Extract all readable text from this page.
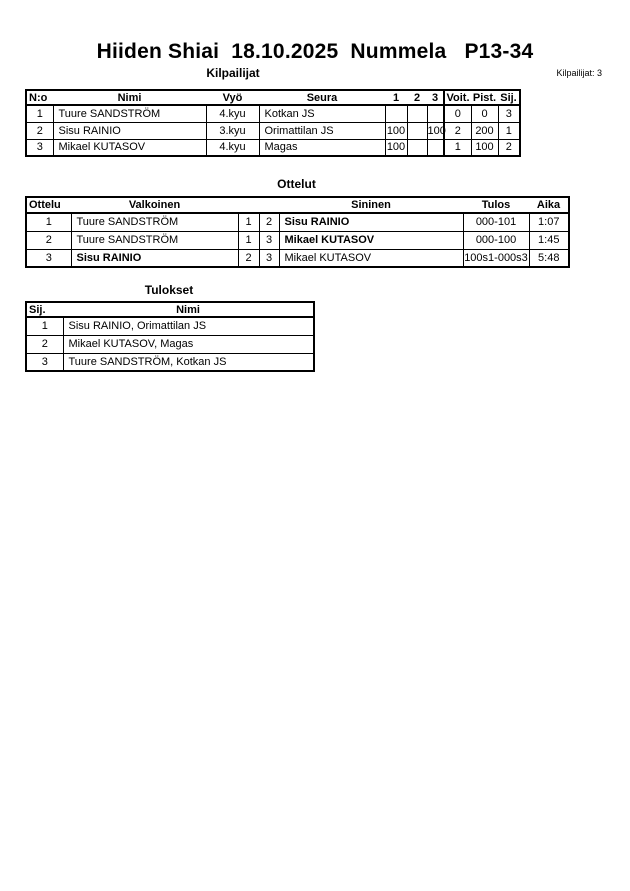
Hiiden Shiai  18.10.2025  Nummela   P13-34
Kilpailijat: 3
Kilpailijat
N:o	Nimi	Vyö	Seura	1	2	3	Voit.	Pist.	Sij.
1	Tuure SANDSTRÖM	4.kyu	Kotkan JS				0	0	3
2	Sisu RAINIO	3.kyu	Orimattilan JS	100		100	2	200	1
3	Mikael KUTASOV	4.kyu	Magas	100			1	100	2
Ottelut
Ottelu	Valkoinen			Sininen	Tulos	Aika
1	Tuure SANDSTRÖM	1	2	Sisu RAINIO	000-101	1:07
2	Tuure SANDSTRÖM	1	3	Mikael KUTASOV	000-100	1:45
3	Sisu RAINIO	2	3	Mikael KUTASOV	100s1-000s3	5:48
Tulokset
Sij.	Nimi
1	Sisu RAINIO, Orimattilan JS
2	Mikael KUTASOV, Magas
3	Tuure SANDSTRÖM, Kotkan JS
